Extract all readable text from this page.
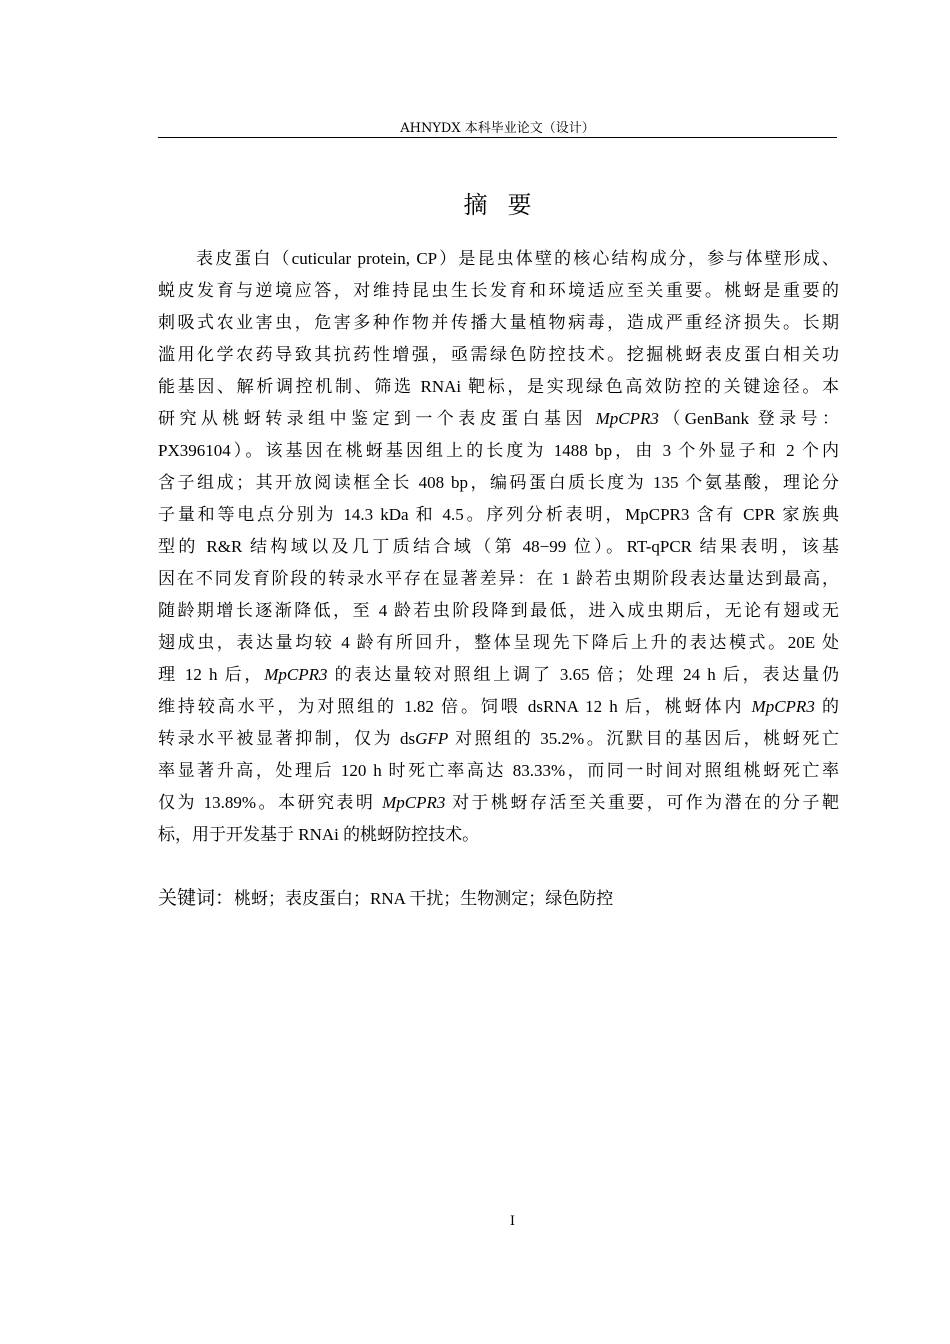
AHNYDX 本科毕业论文（设计）
摘 要
表皮蛋白（cuticular protein, CP）是昆虫体壁的核心结构成分，参与体壁形成、
蜕皮发育与逆境应答，对维持昆虫生长发育和环境适应至关重要。桃蚜是重要的
刺吸式农业害虫，危害多种作物并传播大量植物病毒，造成严重经济损失。长期
滥用化学农药导致其抗药性增强，亟需绿色防控技术。挖掘桃蚜表皮蛋白相关功
能基因、解析调控机制、筛选 RNAi 靶标，是实现绿色高效防控的关键途径。本
研究从桃蚜转录组中鉴定到一个表皮蛋白基因 MpCPR3（GenBank 登录号：
PX396104）。该基因在桃蚜基因组上的长度为 1488 bp，由 3 个外显子和 2 个内
含子组成；其开放阅读框全长 408 bp，编码蛋白质长度为 135 个氨基酸，理论分
子量和等电点分别为 14.3 kDa 和 4.5。序列分析表明，MpCPR3 含有 CPR 家族典
型的 R&R 结构域以及几丁质结合域（第 48−99 位）。RT-qPCR 结果表明，该基
因在不同发育阶段的转录水平存在显著差异：在 1 龄若虫期阶段表达量达到最高，
随龄期增长逐渐降低，至 4 龄若虫阶段降到最低，进入成虫期后，无论有翅或无
翅成虫，表达量均较 4 龄有所回升，整体呈现先下降后上升的表达模式。20E 处
理 12 h 后，MpCPR3 的表达量较对照组上调了 3.65 倍；处理 24 h 后，表达量仍
维持较高水平，为对照组的 1.82 倍。饲喂 dsRNA 12 h 后，桃蚜体内 MpCPR3 的
转录水平被显著抑制，仅为 dsGFP 对照组的 35.2%。沉默目的基因后，桃蚜死亡
率显著升高，处理后 120 h 时死亡率高达 83.33%，而同一时间对照组桃蚜死亡率
仅为 13.89%。本研究表明 MpCPR3 对于桃蚜存活至关重要，可作为潜在的分子靶
标，用于开发基于 RNAi 的桃蚜防控技术。
关键词：桃蚜；表皮蛋白；RNA 干扰；生物测定；绿色防控
I
